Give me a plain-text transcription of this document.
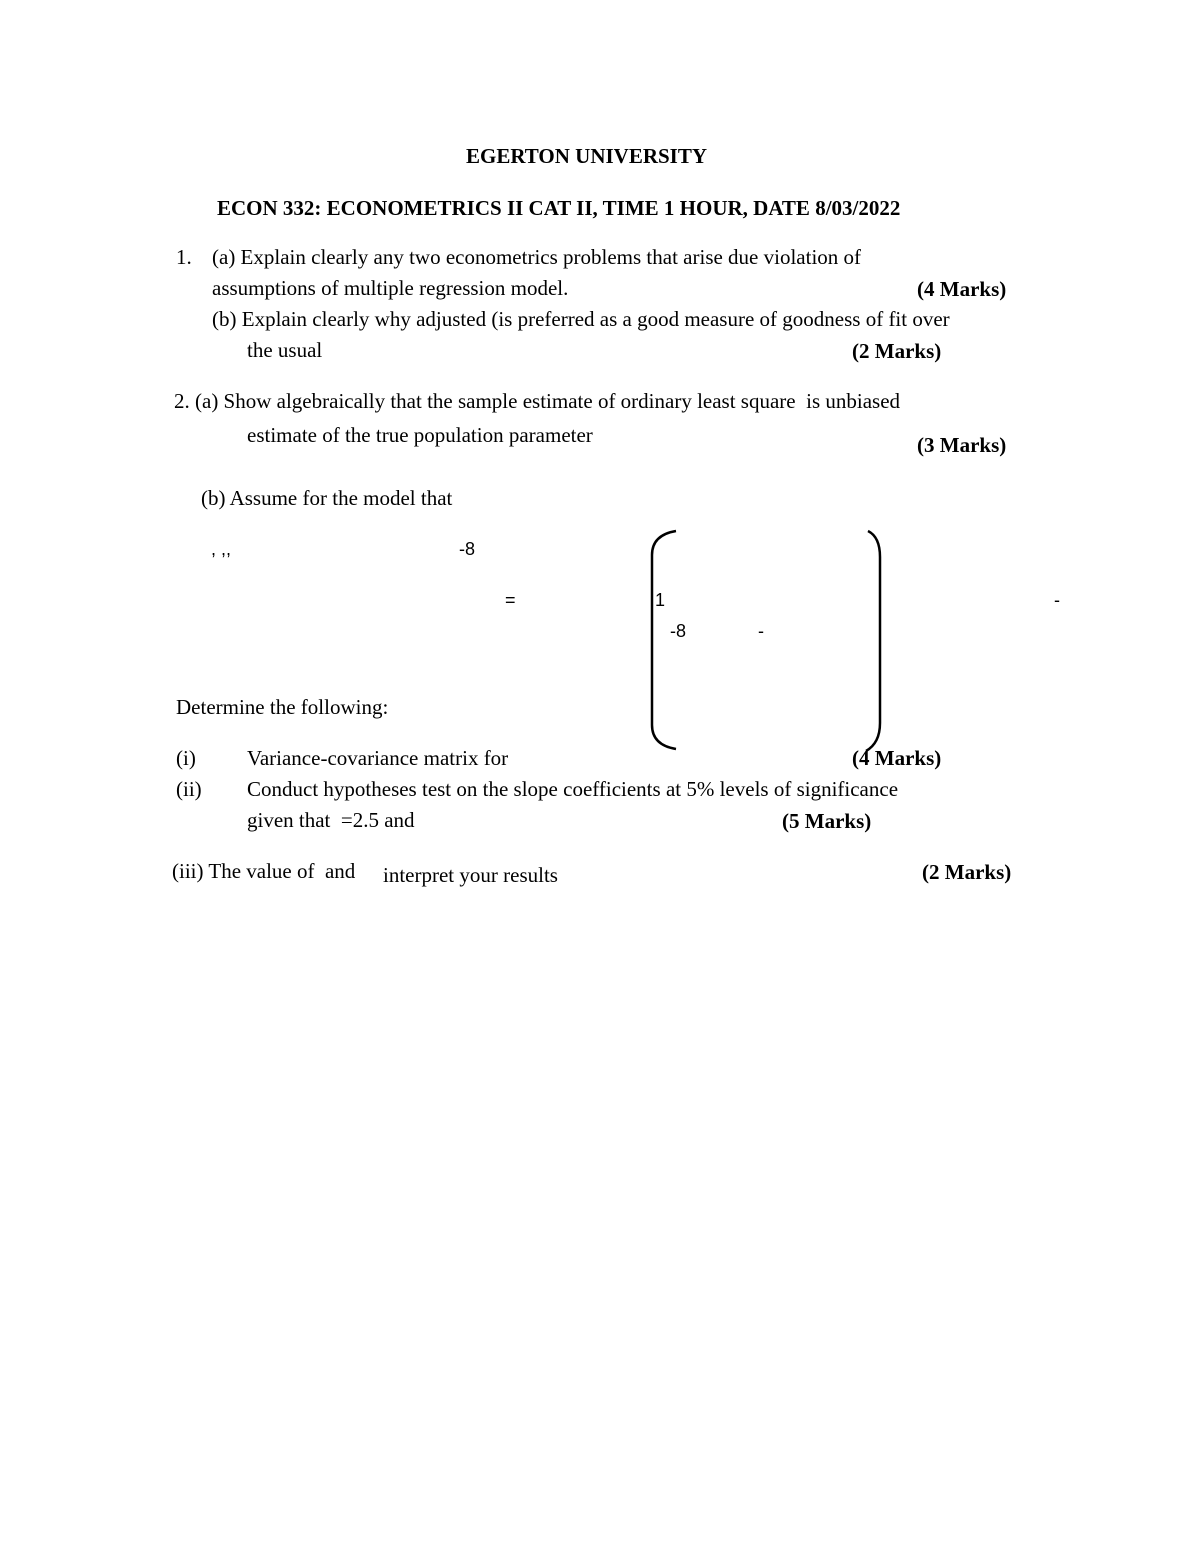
EGERTON UNIVERSITY
ECON 332: ECONOMETRICS II CAT II, TIME 1 HOUR, DATE 8/03/2022
1. (a) Explain clearly any two econometrics problems that arise due violation of
assumptions of multiple regression model.	(4 Marks)
(b) Explain clearly why adjusted (is preferred as a good measure of goodness of fit over
the usual	(2 Marks)
2. (a) Show algebraically that the sample estimate of ordinary least square  is unbiased
estimate of the true population parameter	(3 Marks)
(b) Assume for the model that
, ,,	-8
=	1
-8	-
-
Determine the following:
(i) Variance-covariance matrix for	(4 Marks)
(ii) Conduct hypotheses test on the slope coefficients at 5% levels of significance
given that  =2.5 and	(5 Marks)
(iii) The value of  and interpret your results	(2 Marks)
